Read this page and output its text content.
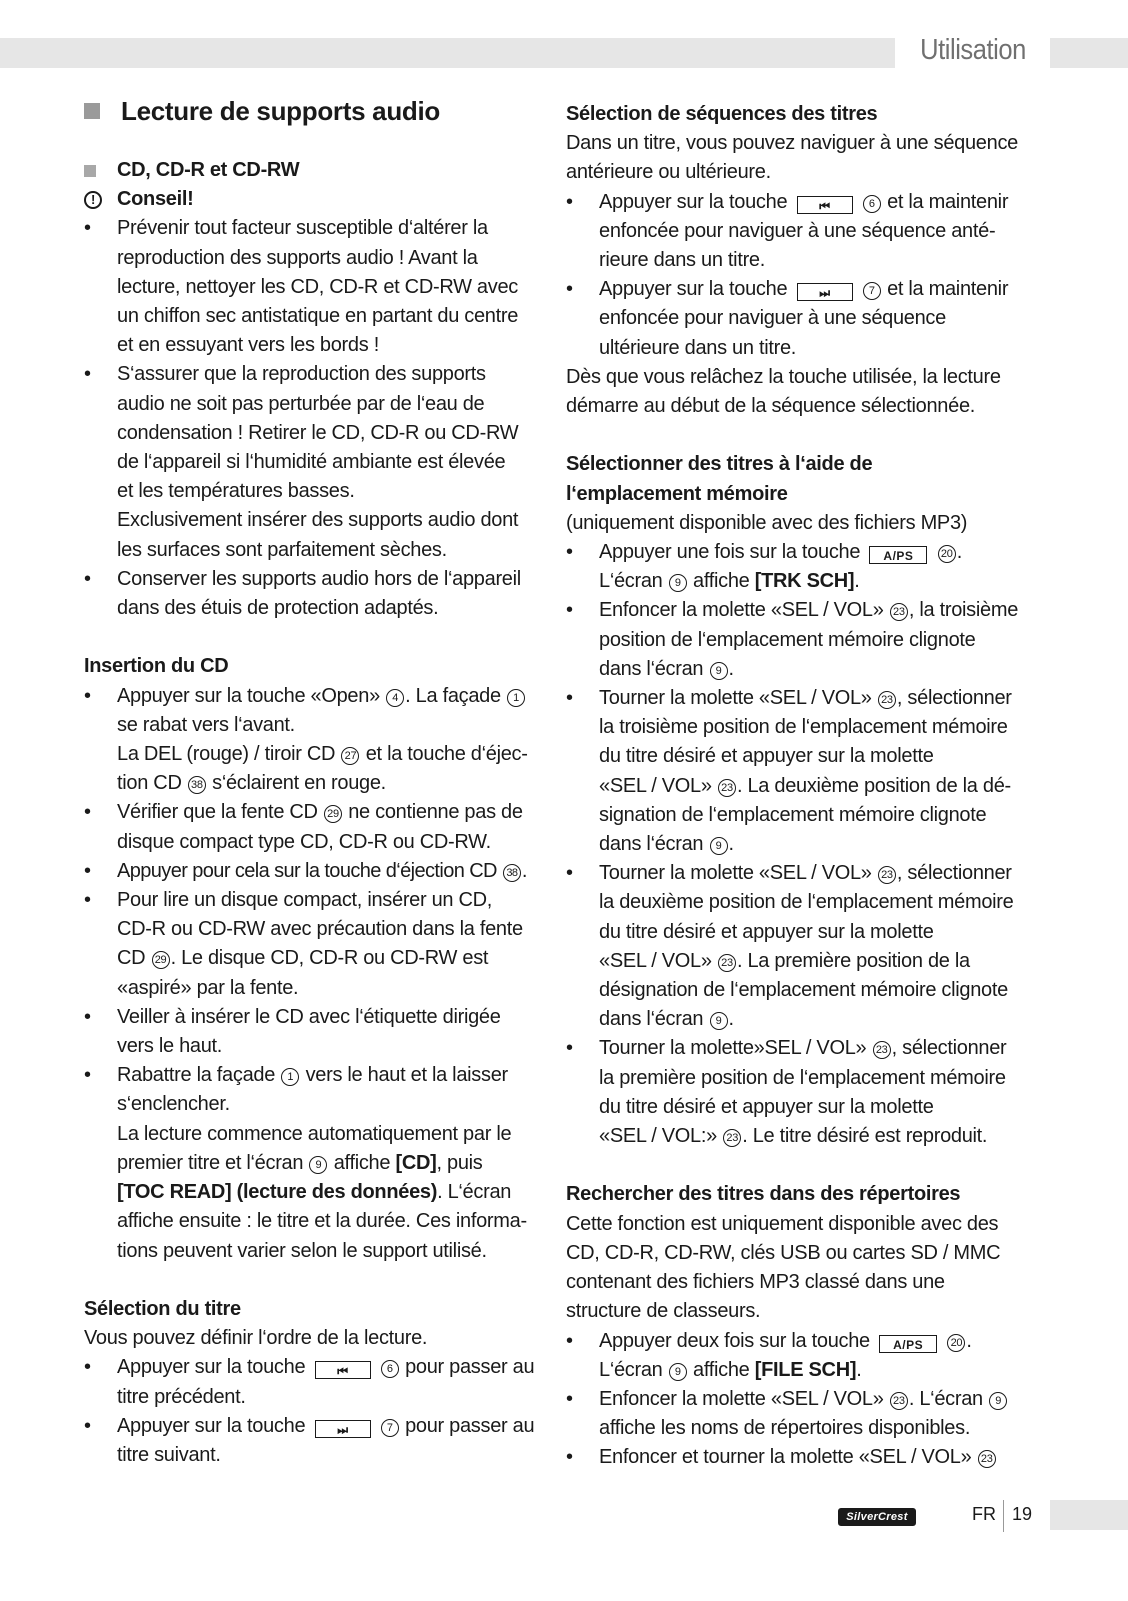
Utilisation
Lecture de supports audio
CD, CD-R et CD-RW
!	Conseil!
• Prévenir tout facteur susceptible d‘altérer la
reproduction des supports audio ! Avant la
lecture, nettoyer les CD, CD-R et CD-RW avec
un chiffon sec antistatique en partant du centre
et en essuyant vers les bords !
• S‘assurer que la reproduction des supports
audio ne soit pas perturbée par de l‘eau de
condensation ! Retirer le CD, CD-R ou CD-RW
de l‘appareil si l‘humidité ambiante est élevée
et les températures basses.
Exclusivement insérer des supports audio dont
les surfaces sont parfaitement sèches.
• Conserver les supports audio hors de l‘appareil
dans des étuis de protection adaptés.
Insertion du CD
• Appuyer sur la touche «Open» 4 . La façade 1
se rabat vers l‘avant.
La DEL (rouge) / tiroir CD 27 et la touche d‘éjec-
tion CD 38 s‘éclairent en rouge.
• Vérifier que la fente CD 29 ne contienne pas de
disque compact type CD, CD-R ou CD-RW.
• Appuyer pour cela sur la touche d‘éjection CD 38 .
• Pour lire un disque compact, insérer un CD,
CD-R ou CD-RW avec précaution dans la fente
CD 29 . Le disque CD, CD-R ou CD-RW est
«aspiré» par la fente.
• Veiller à insérer le CD avec l‘étiquette dirigée
vers le haut.
• Rabattre la façade 1 vers le haut et la laisser
s‘enclencher.
La lecture commence automatiquement par le
premier titre et l‘écran 9 affiche [CD], puis
[TOC READ] (lecture des données). L‘écran
affiche ensuite : le titre et la durée. Ces informa-
tions peuvent varier selon le support utilisé.
Sélection du titre
Vous pouvez définir l‘ordre de la lecture.
• Appuyer sur la touche	⏮	6 pour passer au
titre précédent.
• Appuyer sur la touche	⏭	7 pour passer au
titre suivant.
Sélection de séquences des titres
Dans un titre, vous pouvez naviguer à une séquence
antérieure ou ultérieure.
• Appuyer sur la touche	⏮	6 et la maintenir
enfoncée pour naviguer à une séquence anté-
rieure dans un titre.
• Appuyer sur la touche	⏭	7 et la maintenir
enfoncée pour naviguer à une séquence
ultérieure dans un titre.
Dès que vous relâchez la touche utilisée, la lecture
démarre au début de la séquence sélectionnée.
Sélectionner des titres à l‘aide de
l‘emplacement mémoire
(uniquement disponible avec des fichiers MP3)
• Appuyer une fois sur la touche A/PS 20 .
L‘écran 9 affiche [TRK SCH].
• Enfoncer la molette «SEL / VOL» 23 , la troisième
position de l‘emplacement mémoire clignote
dans l‘écran 9 .
• Tourner la molette «SEL / VOL» 23 , sélectionner
la troisième position de l‘emplacement mémoire
du titre désiré et appuyer sur la molette
«SEL / VOL» 23 . La deuxième position de la dé-
signation de l‘emplacement mémoire clignote
dans l‘écran 9 .
• Tourner la molette «SEL / VOL» 23 , sélectionner
la deuxième position de l‘emplacement mémoire
du titre désiré et appuyer sur la molette
«SEL / VOL» 23 . La première position de la
désignation de l‘emplacement mémoire clignote
dans l‘écran 9 .
• Tourner la molette»SEL / VOL» 23 , sélectionner
la première position de l‘emplacement mémoire
du titre désiré et appuyer sur la molette
«SEL / VOL:» 23 . Le titre désiré est reproduit.
Rechercher des titres dans des répertoires
Cette fonction est uniquement disponible avec des
CD, CD-R, CD-RW, clés USB ou cartes SD / MMC
contenant des fichiers MP3 classé dans une
structure de classeurs.
• Appuyer deux fois sur la touche A/PS 20 .
L‘écran 9 affiche [FILE SCH].
• Enfoncer la molette «SEL / VOL» 23 . L‘écran 9
affiche les noms de répertoires disponibles.
• Enfoncer et tourner la molette «SEL / VOL» 23
SilverCrest	FR 19
